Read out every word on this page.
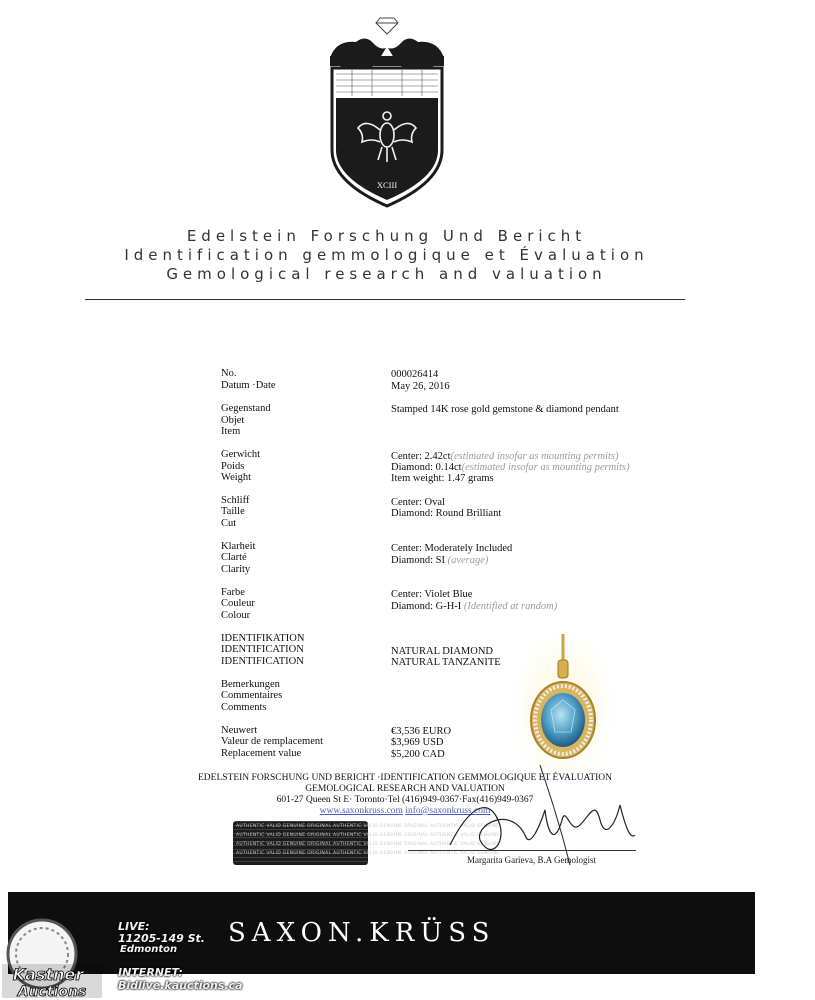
XCIII
Edelstein Forschung Und Bericht
Identification gemmologique et Évaluation
Gemological research and valuation
No.
Datum ·Date
000026414
May 26, 2016
Gegenstand
Objet
Item
Stamped 14K rose gold gemstone & diamond pendant
Gerwicht
Poids
Weight
Center: 2.42ct(estimated insofar as mounting permits)
Diamond: 0.14ct(estimated insofar as mounting permits)
Item weight: 1.47 grams
Schliff
Taille
Cut
Center: Oval
Diamond: Round Brilliant
Klarheit
Clarté
Clarity
Center: Moderately Included
Diamond: SI (average)
Farbe
Couleur
Colour
Center: Violet Blue
Diamond: G-H-I (Identified at random)
IDENTIFIKATION
IDENTIFICATION
IDENTIFICATION
NATURAL DIAMOND
NATURAL TANZANITE
Bemerkungen
Commentaires
Comments
Neuwert
Valeur de remplacement
Replacement value
€3,536 EURO
$3,969 USD
$5,200 CAD
EDELSTEIN FORSCHUNG UND BERICHT ·IDENTIFICATION GEMMOLOGIQUE ET ÉVALUATION
GEMOLOGICAL RESEARCH AND VALUATION
601-27 Queen St E· Toronto·Tel (416)949-0367·Fax(416)949-0367
www.saxonkruss.com info@saxonkruss.com
AUTHENTIC VALID GENUINE ORIGINAL AUTHENTIC VALID GENUINE ORIGINAL AUTHENTIC VALID GENUINE
AUTHENTIC VALID GENUINE ORIGINAL AUTHENTIC VALID GENUINE ORIGINAL AUTHENTIC VALID GENUINE
AUTHENTIC VALID GENUINE ORIGINAL AUTHENTIC VALID GENUINE ORIGINAL AUTHENTIC VALID GENUINE
AUTHENTIC VALID GENUINE ORIGINAL AUTHENTIC VALID GENUINE ORIGINAL AUTHENTIC VALID GENUINE
Margarita Garieva, B.A Gemologist
SAXON.KRÜSS
Kastner
Auctions
LIVE:
11205-149 St.
Edmonton
INTERNET:
Bidlive.kauctions.ca
